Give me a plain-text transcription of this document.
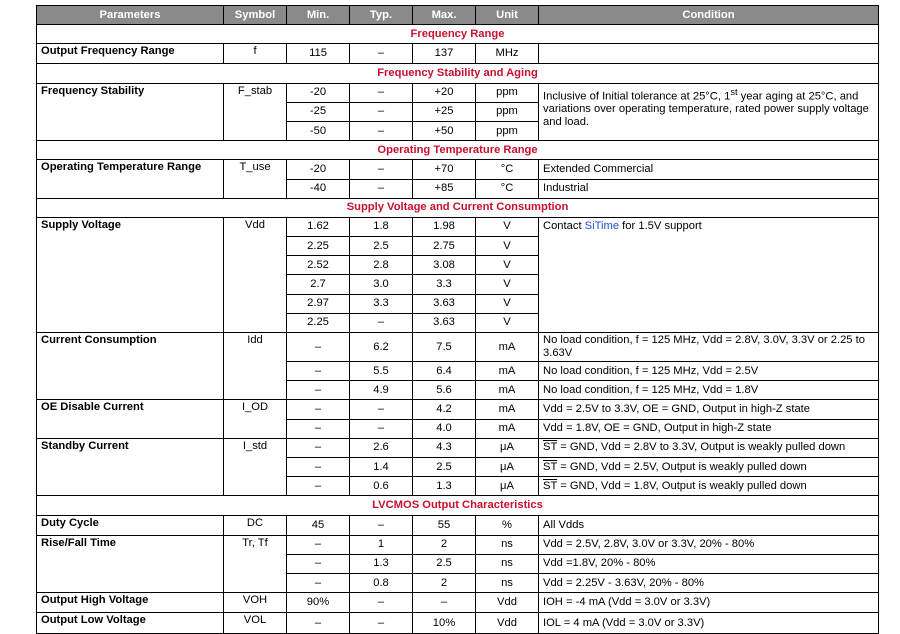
Parameters	Symbol	Min.	Typ.	Max.	Unit	Condition
Frequency Range						
Output Frequency Range	f	115	–	137	MHz	
Frequency Stability and Aging						
Frequency Stability	F_stab	-20	–	+20	ppm	Inclusive of Initial tolerance at 25°C, 1st year aging at 25°C, and variations over operating temperature, rated power supply voltage and load.
		-25	–	+25	ppm	
		-50	–	+50	ppm	
Operating Temperature Range						
Operating Temperature Range	T_use	-20	–	+70	°C	Extended Commercial
		-40	–	+85	°C	Industrial
Supply Voltage and Current Consumption						
Supply Voltage	Vdd	1.62	1.8	1.98	V	Contact SiTime for 1.5V support
		2.25	2.5	2.75	V	
		2.52	2.8	3.08	V	
		2.7	3.0	3.3	V	
		2.97	3.3	3.63	V	
		2.25	–	3.63	V	
Current Consumption	Idd	–	6.2	7.5	mA	No load condition, f = 125 MHz, Vdd = 2.8V, 3.0V, 3.3V or 2.25 to 3.63V
		–	5.5	6.4	mA	No load condition, f = 125 MHz, Vdd = 2.5V
		–	4.9	5.6	mA	No load condition, f = 125 MHz, Vdd = 1.8V
OE Disable Current	I_OD	–	–	4.2	mA	Vdd = 2.5V to 3.3V, OE = GND, Output in high-Z state
		–	–	4.0	mA	Vdd = 1.8V, OE = GND, Output in high-Z state
Standby Current	I_std	–	2.6	4.3	μA	$\overline{ST}$ = GND, Vdd = 2.8V to 3.3V, Output is weakly pulled down
		–	1.4	2.5	μA	$\overline{ST}$ = GND, Vdd = 2.5V, Output is weakly pulled down
		–	0.6	1.3	μA	$\overline{ST}$ = GND, Vdd = 1.8V, Output is weakly pulled down
LVCMOS Output Characteristics						
Duty Cycle	DC	45	–	55	%	All Vdds
Rise/Fall Time	Tr, Tf	–	1	2	ns	Vdd = 2.5V, 2.8V, 3.0V or 3.3V, 20% - 80%
		–	1.3	2.5	ns	Vdd =1.8V, 20% - 80%
		–	0.8	2	ns	Vdd = 2.25V - 3.63V, 20% - 80%
Output High Voltage	VOH	90%	–	–	Vdd	IOH = -4 mA (Vdd = 3.0V or 3.3V)
Output Low Voltage	VOL	–	–	10%	Vdd	IOL = 4 mA (Vdd = 3.0V or 3.3V)
